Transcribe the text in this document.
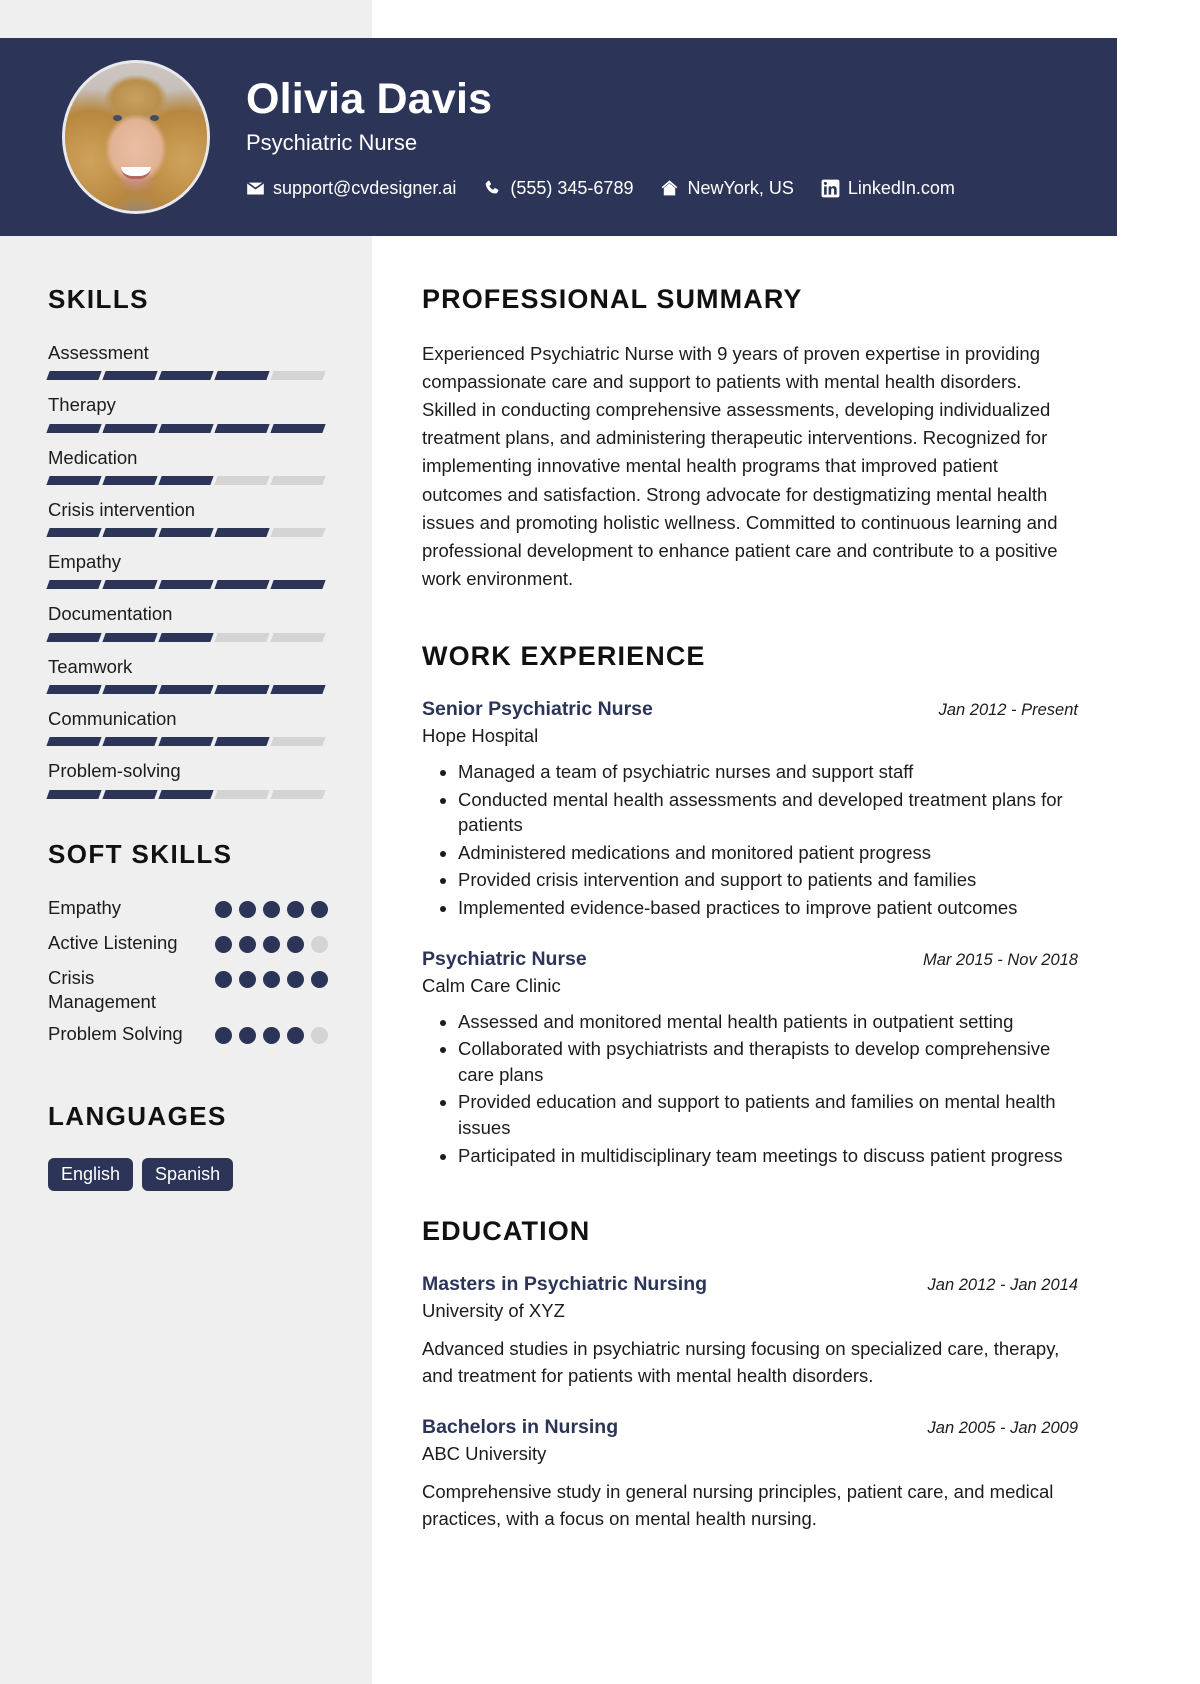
Olivia Davis
Psychiatric Nurse
support@cvdesigner.ai	(555) 345-6789	NewYork, US	LinkedIn.com
SKILLS
Assessment
Therapy
Medication
Crisis intervention
Empathy
Documentation
Teamwork
Communication
Problem-solving
SOFT SKILLS
Empathy
Active Listening
Crisis Management
Problem Solving
LANGUAGES
English	Spanish
PROFESSIONAL SUMMARY
Experienced Psychiatric Nurse with 9 years of proven expertise in providing compassionate care and support to patients with mental health disorders. Skilled in conducting comprehensive assessments, developing individualized treatment plans, and administering therapeutic interventions. Recognized for implementing innovative mental health programs that improved patient outcomes and satisfaction. Strong advocate for destigmatizing mental health issues and promoting holistic wellness. Committed to continuous learning and professional development to enhance patient care and contribute to a positive work environment.
WORK EXPERIENCE
Senior Psychiatric Nurse	Jan 2012 - Present
Hope Hospital
• Managed a team of psychiatric nurses and support staff
• Conducted mental health assessments and developed treatment plans for patients
• Administered medications and monitored patient progress
• Provided crisis intervention and support to patients and families
• Implemented evidence-based practices to improve patient outcomes
Psychiatric Nurse	Mar 2015 - Nov 2018
Calm Care Clinic
• Assessed and monitored mental health patients in outpatient setting
• Collaborated with psychiatrists and therapists to develop comprehensive care plans
• Provided education and support to patients and families on mental health issues
• Participated in multidisciplinary team meetings to discuss patient progress
EDUCATION
Masters in Psychiatric Nursing	Jan 2012 - Jan 2014
University of XYZ
Advanced studies in psychiatric nursing focusing on specialized care, therapy, and treatment for patients with mental health disorders.
Bachelors in Nursing	Jan 2005 - Jan 2009
ABC University
Comprehensive study in general nursing principles, patient care, and medical practices, with a focus on mental health nursing.
